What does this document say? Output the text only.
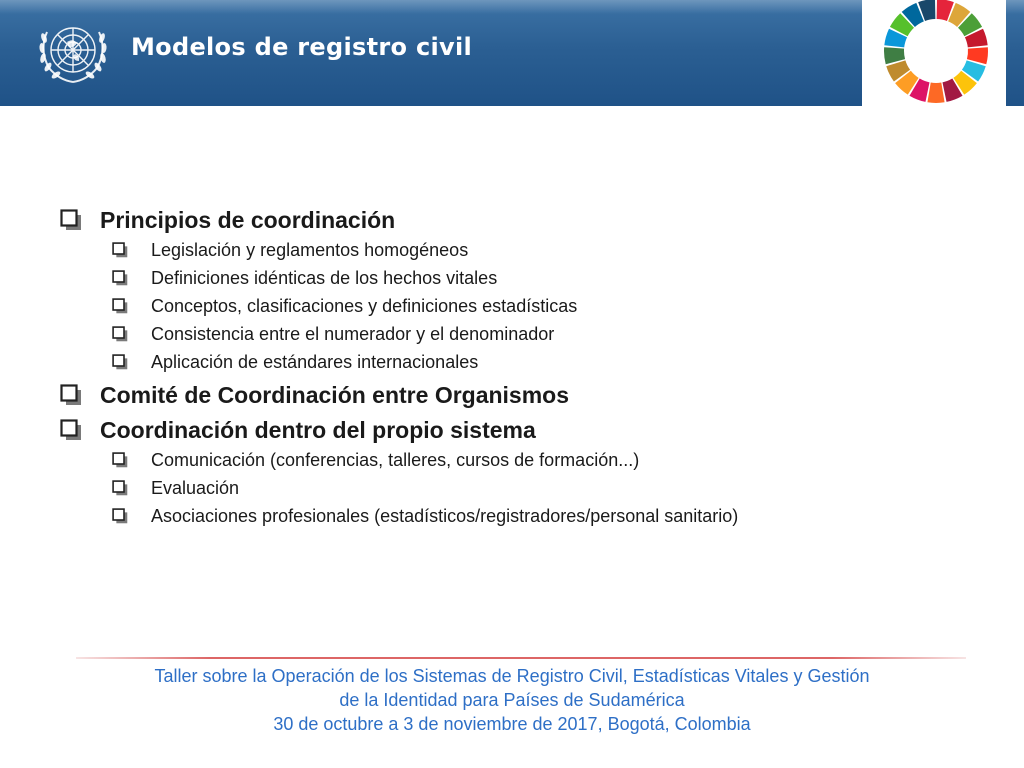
Modelos de registro civil
Principios de coordinación
Legislación y reglamentos homogéneos
Definiciones idénticas de los hechos vitales
Conceptos, clasificaciones y definiciones estadísticas
Consistencia entre el numerador y el denominador
Aplicación de estándares internacionales
Comité de Coordinación entre Organismos
Coordinación dentro del propio sistema
Comunicación (conferencias, talleres, cursos de formación...)
Evaluación
Asociaciones profesionales (estadísticos/registradores/personal sanitario)
Taller sobre la Operación de los Sistemas de Registro Civil, Estadísticas Vitales y Gestión
de la Identidad para Países de Sudamérica
30 de octubre a 3 de noviembre de 2017, Bogotá, Colombia
